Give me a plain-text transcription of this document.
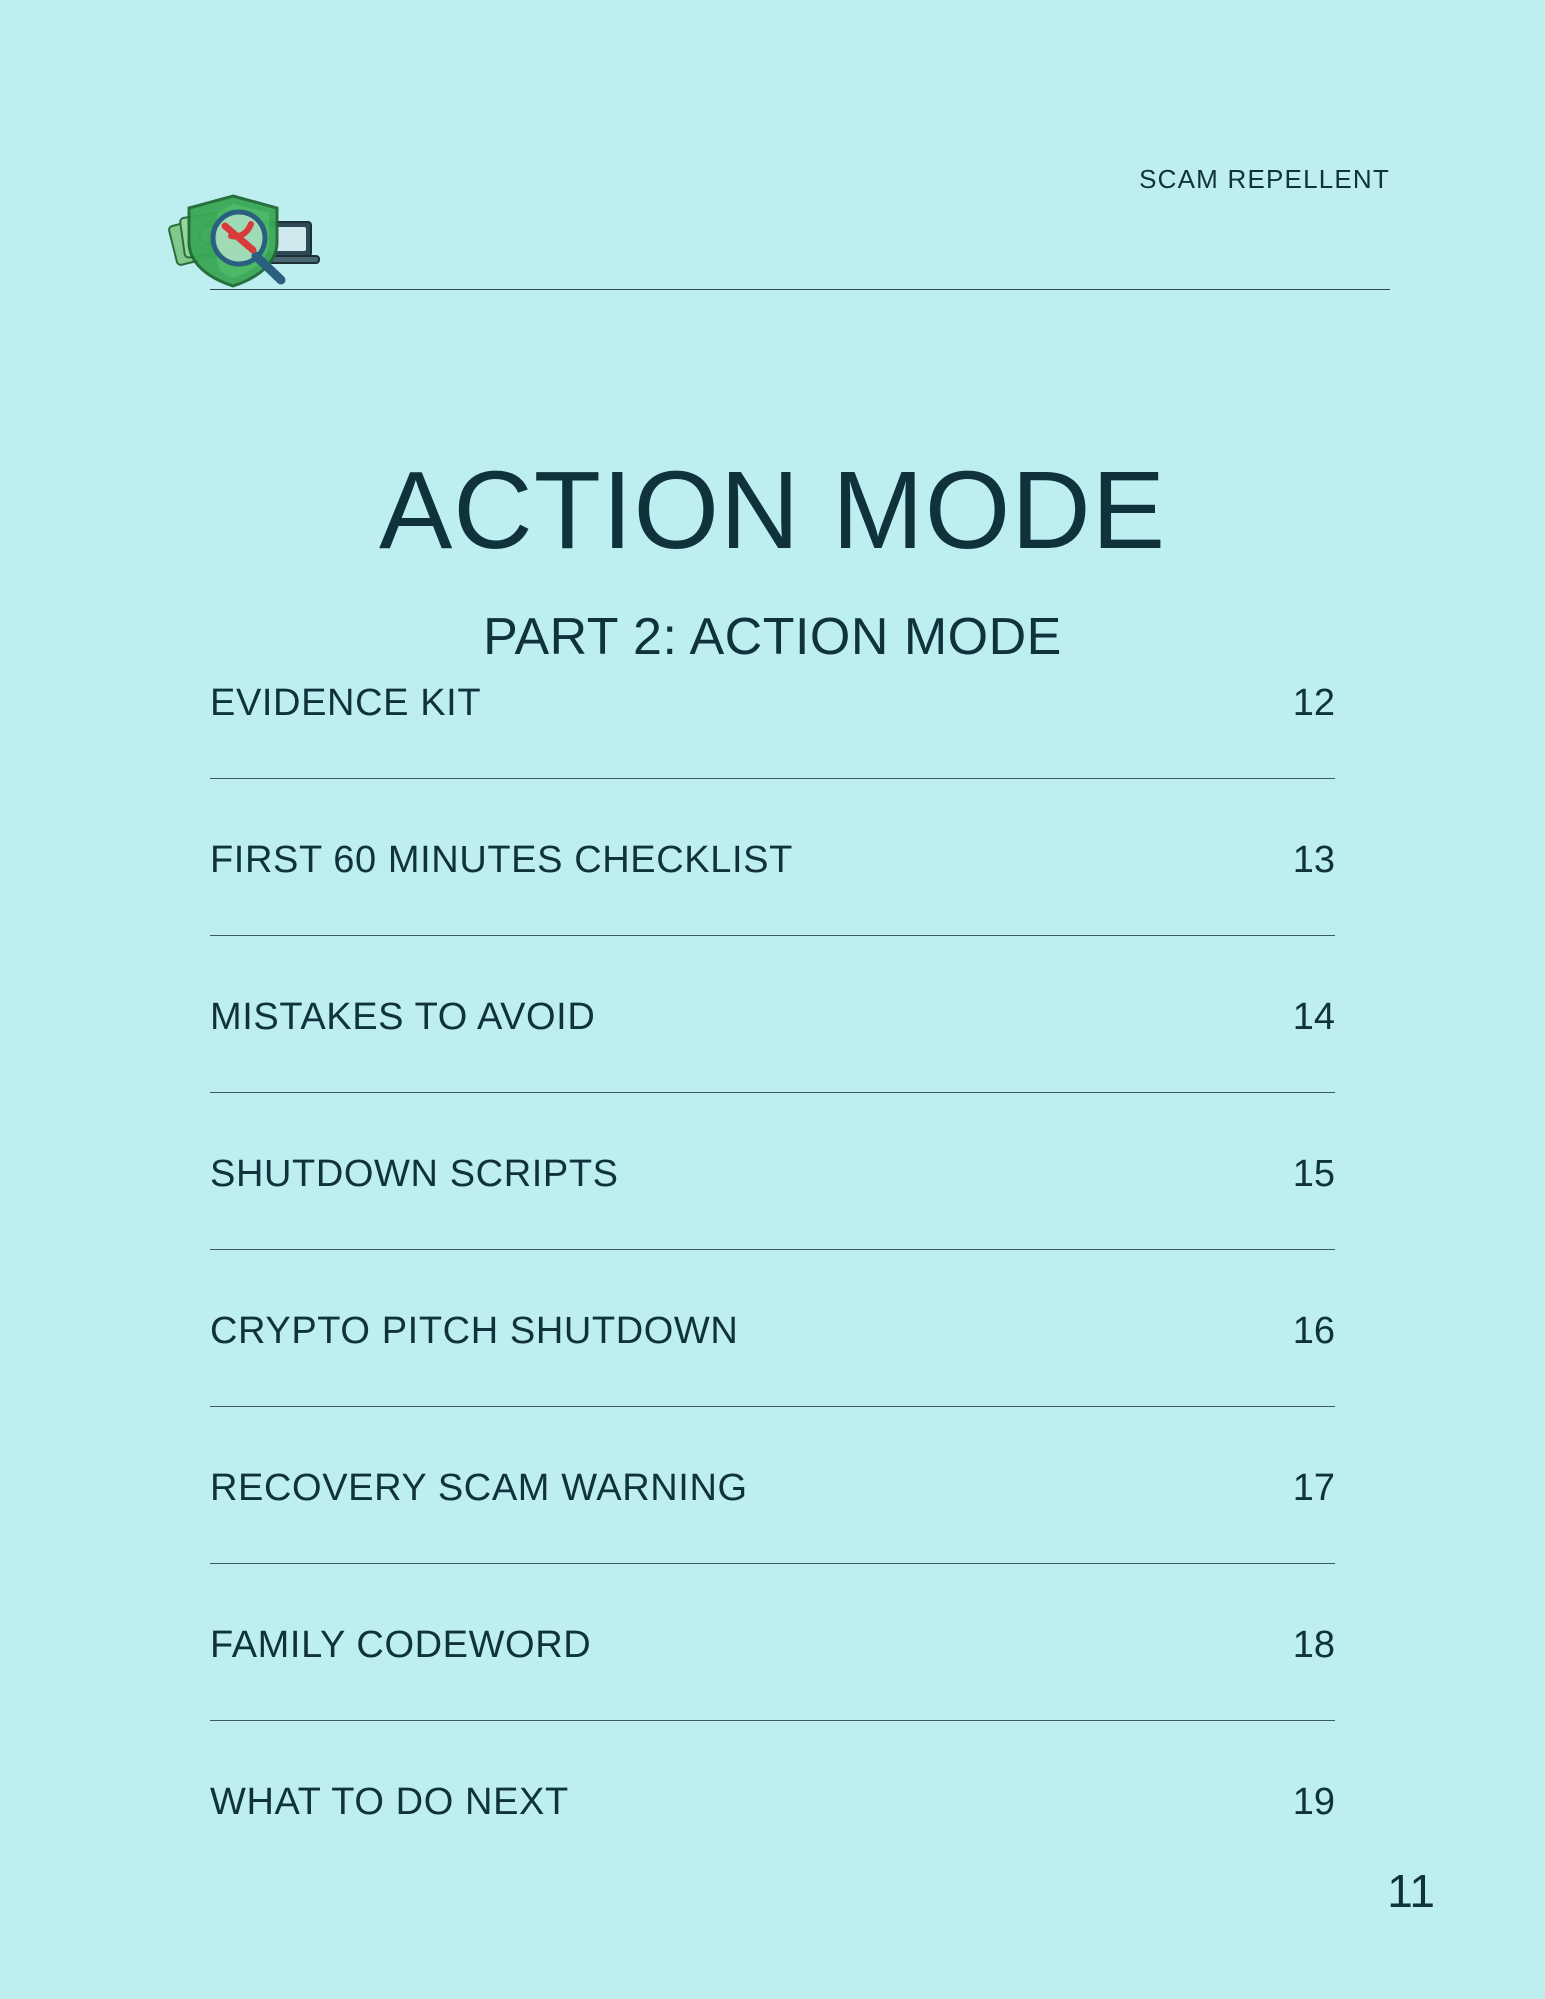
SCAM REPELLENT
ACTION MODE
PART 2: ACTION MODE
EVIDENCE KIT	12
FIRST 60 MINUTES CHECKLIST	13
MISTAKES TO AVOID	14
SHUTDOWN SCRIPTS	15
CRYPTO PITCH SHUTDOWN	16
RECOVERY SCAM WARNING	17
FAMILY CODEWORD	18
WHAT TO DO NEXT	19
11
